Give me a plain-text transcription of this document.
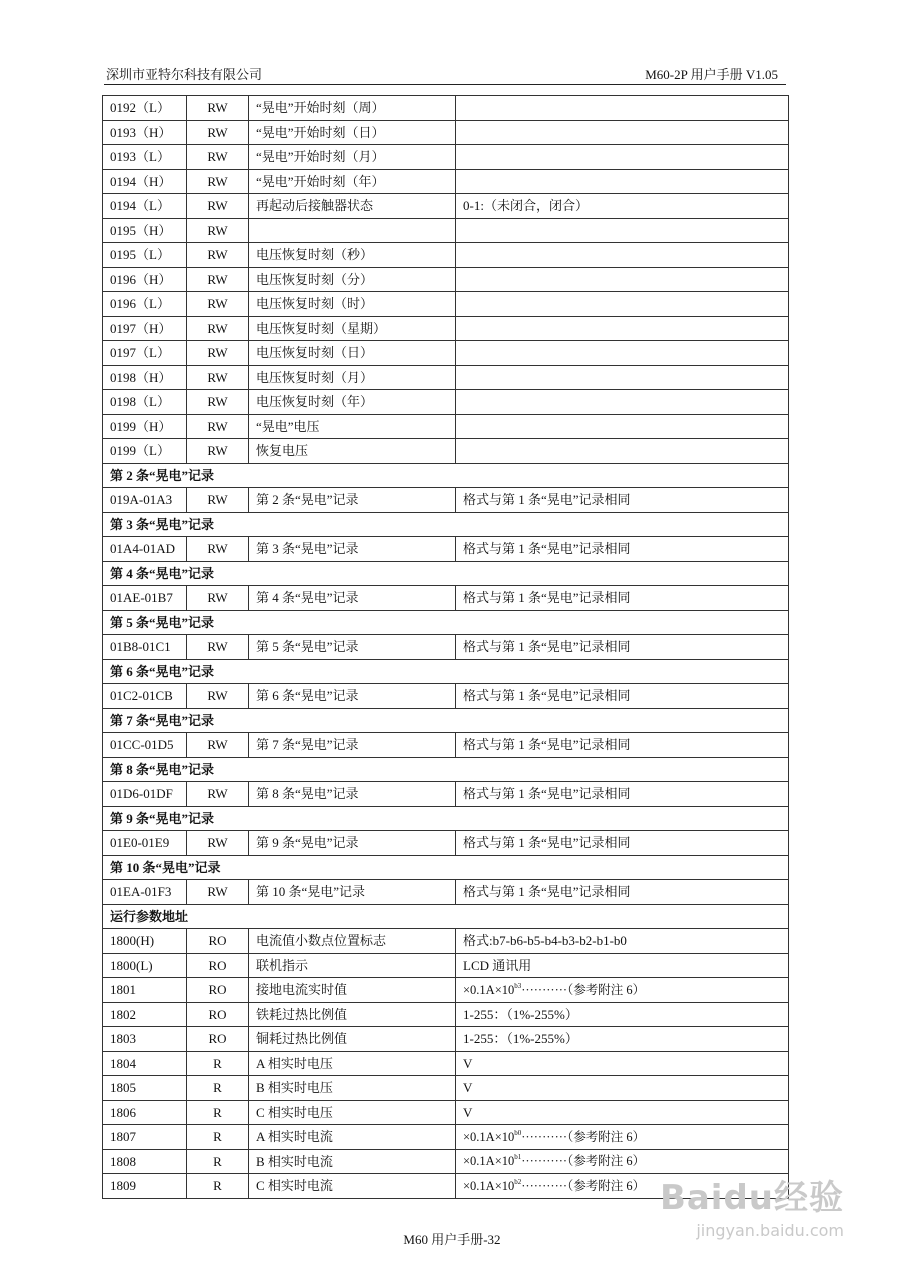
深圳市亚特尔科技有限公司	M60-2P 用户手册 V1.05
0192（L）	RW	“晃电”开始时刻（周）	
0193（H）	RW	“晃电”开始时刻（日）	
0193（L）	RW	“晃电”开始时刻（月）	
0194（H）	RW	“晃电”开始时刻（年）	
0194（L）	RW	再起动后接触器状态	0-1:（未闭合，闭合）
0195（H）	RW		
0195（L）	RW	电压恢复时刻（秒）	
0196（H）	RW	电压恢复时刻（分）	
0196（L）	RW	电压恢复时刻（时）	
0197（H）	RW	电压恢复时刻（星期）	
0197（L）	RW	电压恢复时刻（日）	
0198（H）	RW	电压恢复时刻（月）	
0198（L）	RW	电压恢复时刻（年）	
0199（H）	RW	“晃电”电压	
0199（L）	RW	恢复电压	
第 2 条“晃电”记录			
019A-01A3	RW	第 2 条“晃电”记录	格式与第 1 条“晃电”记录相同
第 3 条“晃电”记录			
01A4-01AD	RW	第 3 条“晃电”记录	格式与第 1 条“晃电”记录相同
第 4 条“晃电”记录			
01AE-01B7	RW	第 4 条“晃电”记录	格式与第 1 条“晃电”记录相同
第 5 条“晃电”记录			
01B8-01C1	RW	第 5 条“晃电”记录	格式与第 1 条“晃电”记录相同
第 6 条“晃电”记录			
01C2-01CB	RW	第 6 条“晃电”记录	格式与第 1 条“晃电”记录相同
第 7 条“晃电”记录			
01CC-01D5	RW	第 7 条“晃电”记录	格式与第 1 条“晃电”记录相同
第 8 条“晃电”记录			
01D6-01DF	RW	第 8 条“晃电”记录	格式与第 1 条“晃电”记录相同
第 9 条“晃电”记录			
01E0-01E9	RW	第 9 条“晃电”记录	格式与第 1 条“晃电”记录相同
第 10 条“晃电”记录			
01EA-01F3	RW	第 10 条“晃电”记录	格式与第 1 条“晃电”记录相同
运行参数地址			
1800(H)	RO	电流值小数点位置标志	格式:b7-b6-b5-b4-b3-b2-b1-b0
1800(L)	RO	联机指示	LCD 通讯用
1801	RO	接地电流实时值	$\times 0.1A\times 10^{b3}\cdot\cdot\cdot\cdot\cdot\cdot\cdot\cdot\cdot\cdot\cdot$（参考附注 6）
1802	RO	铁耗过热比例值	1-255：（1%-255%）
1803	RO	铜耗过热比例值	1-255：（1%-255%）
1804	R	A 相实时电压	V
1805	R	B 相实时电压	V
1806	R	C 相实时电压	V
1807	R	A 相实时电流	$\times 0.1A\times 10^{b0}\cdot\cdot\cdot\cdot\cdot\cdot\cdot\cdot\cdot\cdot\cdot$（参考附注 6）
1808	R	B 相实时电流	$\times 0.1A\times 10^{b1}\cdot\cdot\cdot\cdot\cdot\cdot\cdot\cdot\cdot\cdot\cdot$（参考附注 6）
1809	R	C 相实时电流	$\times 0.1A\times 10^{b2}\cdot\cdot\cdot\cdot\cdot\cdot\cdot\cdot\cdot\cdot\cdot$（参考附注 6）
M60 用户手册-32
Baidu经验
jingyan.baidu.com
